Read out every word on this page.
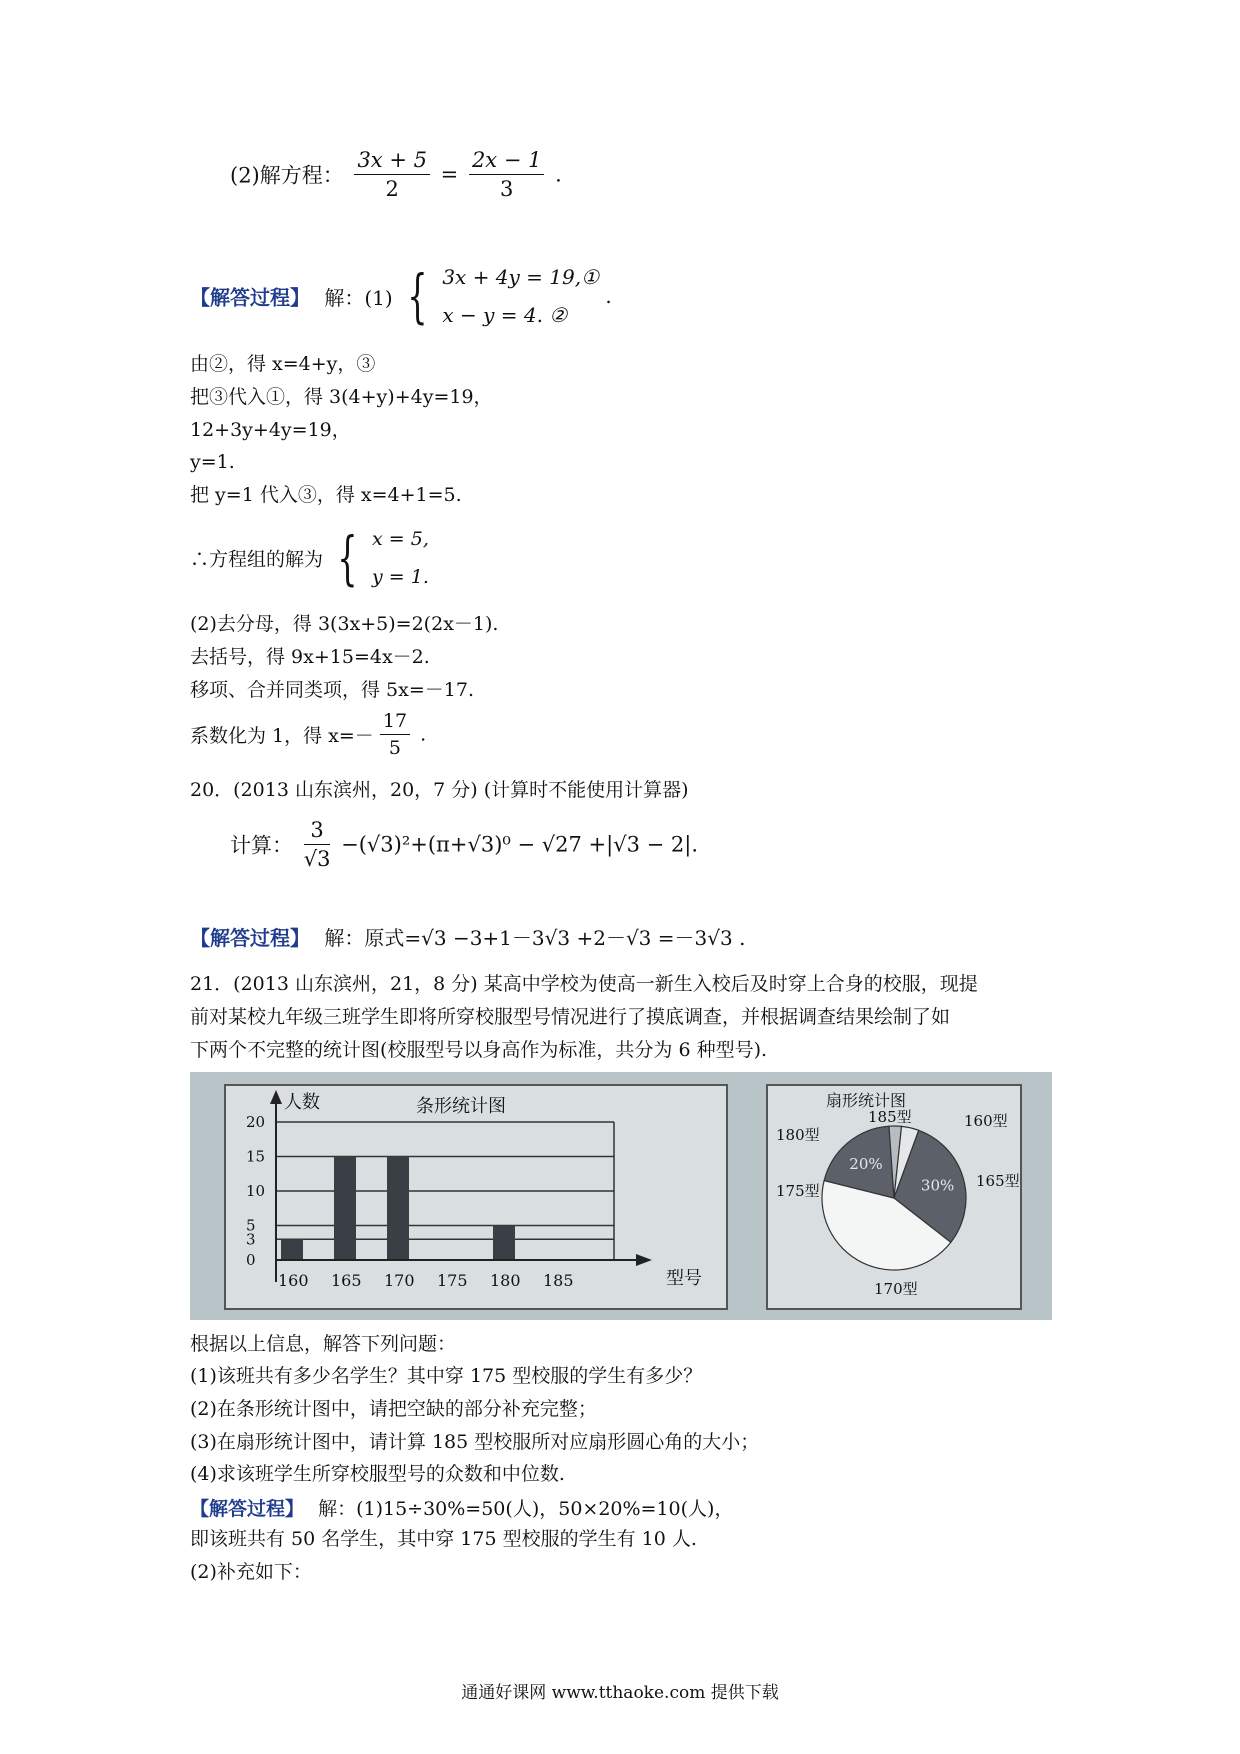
(2)解方程： $\frac{3x + 5}{2} = \frac{2x - 1}{3}$ .
【解答过程】 解：(1) { 3x + 4y = 19,①
x − y = 4. ② .
由②，得 x=4+y，③
把③代入①，得 3(4+y)+4y=19，
12+3y+4y=19，
y=1.
把 y=1 代入③，得 x=4+1=5.
∴方程组的解为 { x = 5,
y = 1.
(2)去分母，得 3(3x+5)=2(2x－1).
去括号，得 9x+15=4x－2.
移项、合并同类项，得 5x=－17.
系数化为 1，得 $x=- \frac{17}{5}$ .
20．(2013 山东滨州，20，7 分) (计算时不能使用计算器)
计算： $\frac{3}{√3} -(√3)^2+(\pi+√3)^0 - √27 +|√3 - 2|$.
【解答过程】 解：原式=√3 −3+1－3√3 +2－√3 =－3√3 .
21．(2013 山东滨州，21，8 分) 某高中学校为使高一新生入校后及时穿上合身的校服，现提
前对某校九年级三班学生即将所穿校服型号情况进行了摸底调查，并根据调查结果绘制了如
下两个不完整的统计图(校服型号以身高作为标准，共分为 6 种型号).
条形统计图
人数
型号
0
3
5
10
15
20
160 165 170 175 180 185
扇形统计图
160型
165型
30%
170型
175型
20%
180型
185型
根据以上信息，解答下列问题：
(1)该班共有多少名学生？其中穿 175 型校服的学生有多少？
(2)在条形统计图中，请把空缺的部分补充完整；
(3)在扇形统计图中，请计算 185 型校服所对应扇形圆心角的大小；
(4)求该班学生所穿校服型号的众数和中位数.
【解答过程】 解：(1)15÷30%=50(人)，50×20%=10(人)，
即该班共有 50 名学生，其中穿 175 型校服的学生有 10 人.
(2)补充如下：
通通好课网 www.tthaoke.com 提供下载
